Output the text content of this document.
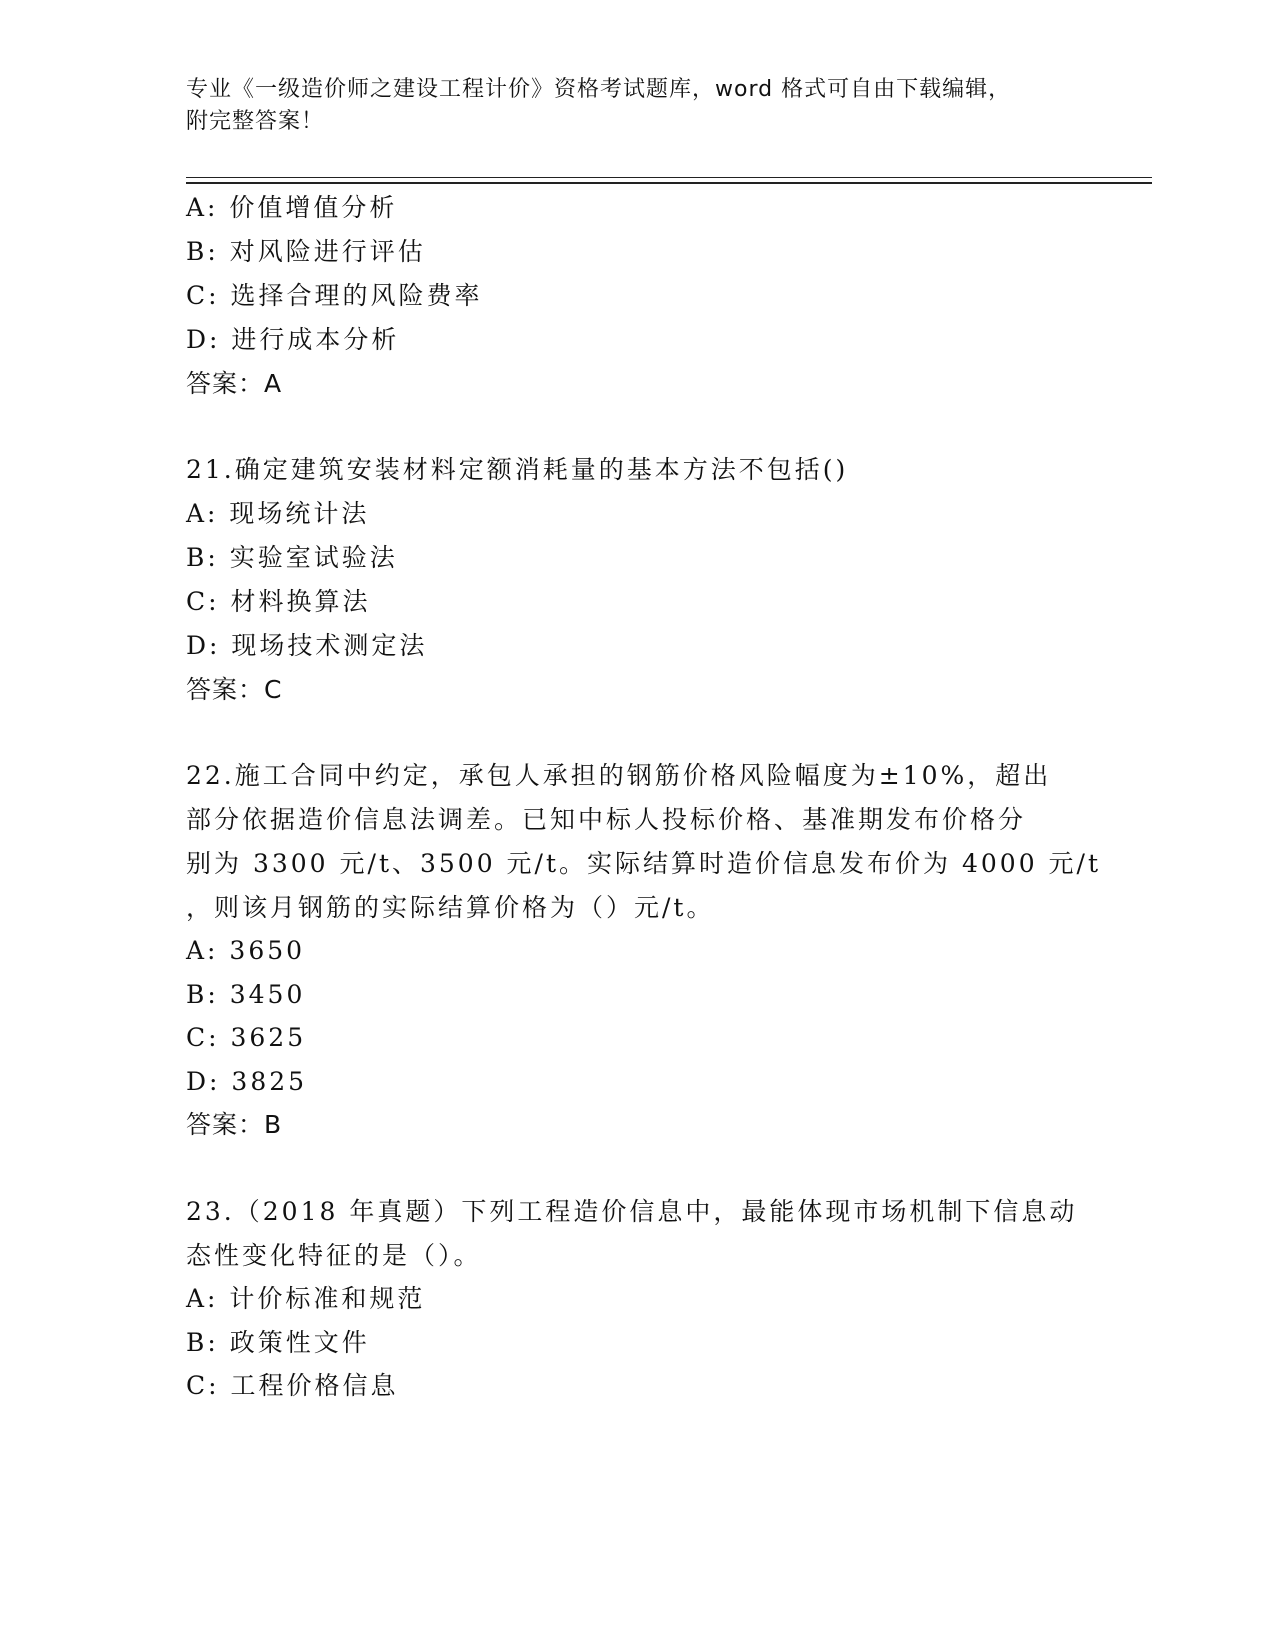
专业《一级造价师之建设工程计价》资格考试题库，word 格式可自由下载编辑，
附完整答案！
A: 价值增值分析
B: 对风险进行评估
C: 选择合理的风险费率
D: 进行成本分析
答案：A
21.确定建筑安装材料定额消耗量的基本方法不包括()
A: 现场统计法
B: 实验室试验法
C: 材料换算法
D: 现场技术测定法
答案：C
22.施工合同中约定，承包人承担的钢筋价格风险幅度为±10%，超出
部分依据造价信息法调差。已知中标人投标价格、基准期发布价格分
别为 3300 元/t、3500 元/t。实际结算时造价信息发布价为 4000 元/t
，则该月钢筋的实际结算价格为（）元/t。
A: 3650
B: 3450
C: 3625
D: 3825
答案：B
23.（2018 年真题）下列工程造价信息中，最能体现市场机制下信息动
态性变化特征的是（）。
A: 计价标准和规范
B: 政策性文件
C: 工程价格信息
